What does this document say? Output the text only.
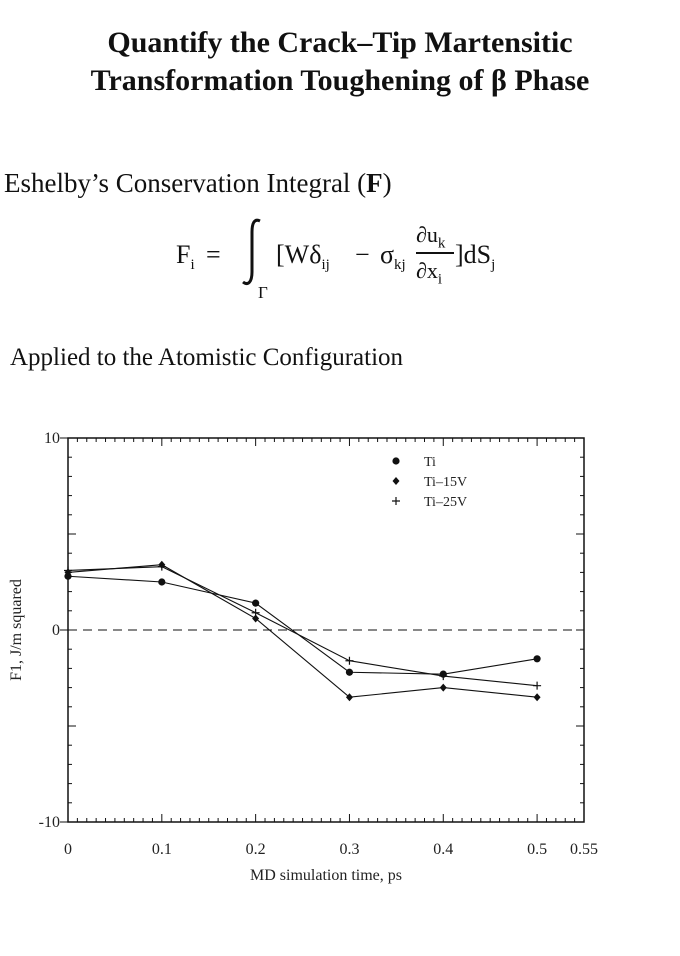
Quantify the Crack–Tip Martensitic
Transformation Toughening of β Phase
Eshelby’s Conservation Integral (F)
$F_i$ =
Γ
[$W\delta_{ij} - \sigma_{kj}$
$\partial u_k$
$\partial x_i$
]$dS_j$
Applied to the Atomistic Configuration
0	0.1	0.2	0.3	0.4	0.5 0.55
10
0
-10
MD simulation time, ps
F1, J/m squared
Ti
Ti–15V
Ti–25V
